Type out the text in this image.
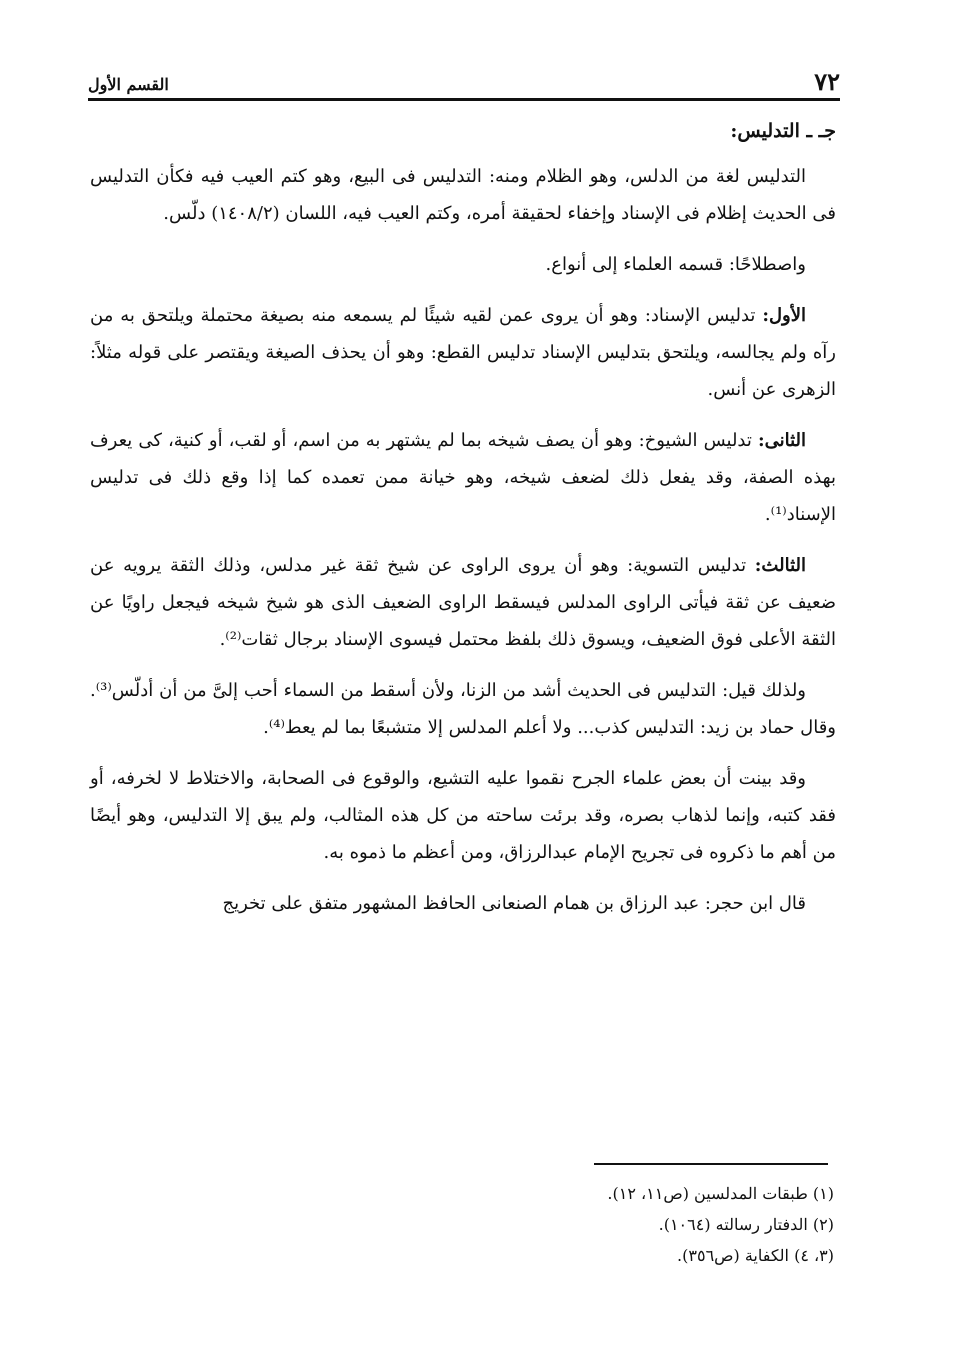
٧٢
القسم الأول
جـ ـ التدليس:

التدليس لغة من الدلس، وهو الظلام ومنه: التدليس فى البيع، وهو كتم العيب فيه فكأن التدليس فى الحديث إظلام فى الإسناد وإخفاء لحقيقة أمره، وكتم العيب فيه، اللسان (١٤٠٨/٢) دلّس.

واصطلاحًا: قسمه العلماء إلى أنواع.

الأول: تدليس الإسناد: وهو أن يروى عمن لقيه شيئًا لم يسمعه منه بصيغة محتملة ويلتحق به من رآه ولم يجالسه، ويلتحق بتدليس الإسناد تدليس القطع: وهو أن يحذف الصيغة ويقتصر على قوله مثلاً: الزهرى عن أنس.

الثانى: تدليس الشيوخ: وهو أن يصف شيخه بما لم يشتهر به من اسم، أو لقب، أو كنية، كى يعرف بهذه الصفة، وقد يفعل ذلك لضعف شيخه، وهو خيانة ممن تعمده كما إذا وقع ذلك فى تدليس الإسناد⁽¹⁾.

الثالث: تدليس التسوية: وهو أن يروى الراوى عن شيخ ثقة غير مدلس، وذلك الثقة يرويه عن ضعيف عن ثقة فيأتى الراوى المدلس فيسقط الراوى الضعيف الذى هو شيخ شيخه فيجعل راويًا عن الثقة الأعلى فوق الضعيف، ويسوق ذلك بلفظ محتمل فيسوى الإسناد برجال ثقات⁽²⁾.

ولذلك قيل: التدليس فى الحديث أشد من الزنا، ولأن أسقط من السماء أحب إلىَّ من أن أدلّس⁽³⁾. وقال حماد بن زيد: التدليس كذب... ولا أعلم المدلس إلا متشبعًا بما لم يعط⁽⁴⁾.

وقد بينت أن بعض علماء الجرح نقموا عليه التشيع، والوقوع فى الصحابة، والاختلاط لا لخرفه، أو فقد كتبه، وإنما لذهاب بصره، وقد برئت ساحته من كل هذه المثالب، ولم يبق إلا التدليس، وهو أيضًا من أهم ما ذكروه فى تجريح الإمام عبدالرزاق، ومن أعظم ما ذموه به.

قال ابن حجر: عبد الرزاق بن همام الصنعانى الحافظ المشهور متفق على تخريج

(١) طبقات المدلسين (ص١١، ١٢).
(٢) الدفتار رسالته (١٠٦٤).
(٣، ٤) الكفاية (ص٣٥٦).
